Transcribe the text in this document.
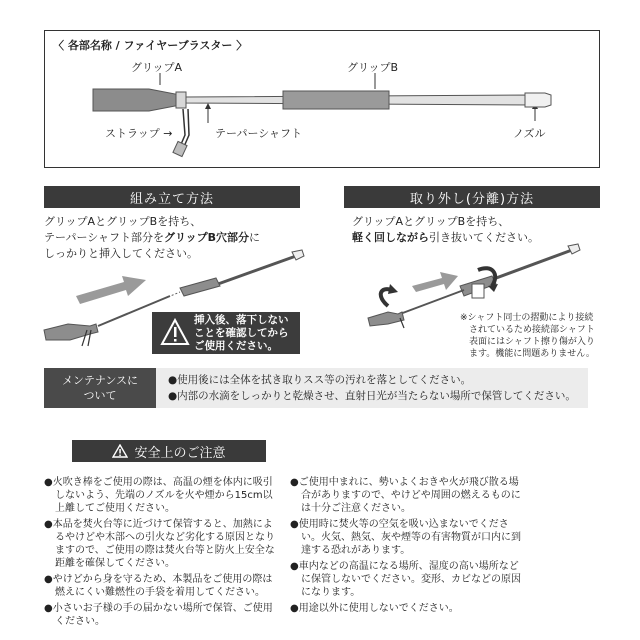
〈 各部名称 / ファイヤーブラスター 〉
グリップA	グリップB
ストラップ →	テーパーシャフト	ノズル
組み立て方法
グリップAとグリップBを持ち、
テーパーシャフト部分をグリップB穴部分に
しっかりと挿入してください。
挿入後、落下しない
ことを確認してから
ご使用ください。
取り外し(分離)方法
グリップAとグリップBを持ち、
軽く回しながら引き抜いてください。
※シャフト同士の摺動により接続
されているため接続部シャフト
表面にはシャフト擦り傷が入り
ます。機能に問題ありません。
メンテナンスに
ついて
●使用後には全体を拭き取りスス等の汚れを落としてください。
●内部の水滴をしっかりと乾燥させ、直射日光が当たらない場所で保管してください。
安全上のご注意
●火吹き棒をご使用の際は、高温の煙を体内に吸引しないよう、先端のノズルを火や煙から15cm以上離してご使用ください。
●本品を焚火台等に近づけて保管すると、加熱によるやけどや木部への引火など劣化する原因となりますので、ご使用の際は焚火台等と防火上安全な距離を確保してください。
●やけどから身を守るため、本製品をご使用の際は燃えにくい難燃性の手袋を着用してください。
●小さいお子様の手の届かない場所で保管、ご使用ください。
●ご使用中まれに、勢いよくおきや火が飛び散る場合がありますので、やけどや周囲の燃えるものには十分ご注意ください。
●使用時に焚火等の空気を吸い込まないでください。火気、熱気、灰や煙等の有害物質が口内に到達する恐れがあります。
●車内などの高温になる場所、湿度の高い場所などに保管しないでください。変形、カビなどの原因になります。
●用途以外に使用しないでください。
